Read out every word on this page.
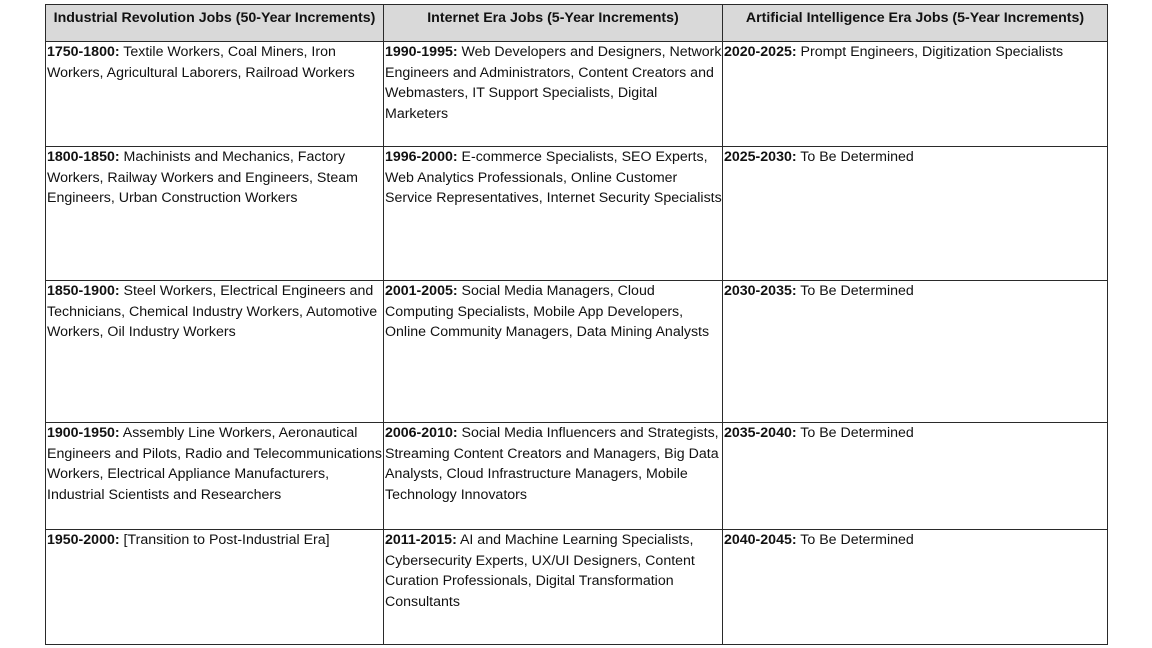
Industrial Revolution Jobs (50-Year Increments)	Internet Era Jobs (5-Year Increments)	Artificial Intelligence Era Jobs (5-Year Increments)
1750-1800: Textile Workers, Coal Miners, Iron Workers, Agricultural Laborers, Railroad Workers	1990-1995: Web Developers and Designers, Network Engineers and Administrators, Content Creators and Webmasters, IT Support Specialists, Digital Marketers	2020-2025: Prompt Engineers, Digitization Specialists
1800-1850: Machinists and Mechanics, Factory Workers, Railway Workers and Engineers, Steam Engineers, Urban Construction Workers	1996-2000: E-commerce Specialists, SEO Experts, Web Analytics Professionals, Online Customer Service Representatives, Internet Security Specialists	2025-2030: To Be Determined
1850-1900: Steel Workers, Electrical Engineers and Technicians, Chemical Industry Workers, Automotive Workers, Oil Industry Workers	2001-2005: Social Media Managers, Cloud Computing Specialists, Mobile App Developers, Online Community Managers, Data Mining Analysts	2030-2035: To Be Determined
1900-1950: Assembly Line Workers, Aeronautical Engineers and Pilots, Radio and Telecommunications Workers, Electrical Appliance Manufacturers, Industrial Scientists and Researchers	2006-2010: Social Media Influencers and Strategists, Streaming Content Creators and Managers, Big Data Analysts, Cloud Infrastructure Managers, Mobile Technology Innovators	2035-2040: To Be Determined
1950-2000: [Transition to Post-Industrial Era]	2011-2015: AI and Machine Learning Specialists, Cybersecurity Experts, UX/UI Designers, Content Curation Professionals, Digital Transformation Consultants	2040-2045: To Be Determined
